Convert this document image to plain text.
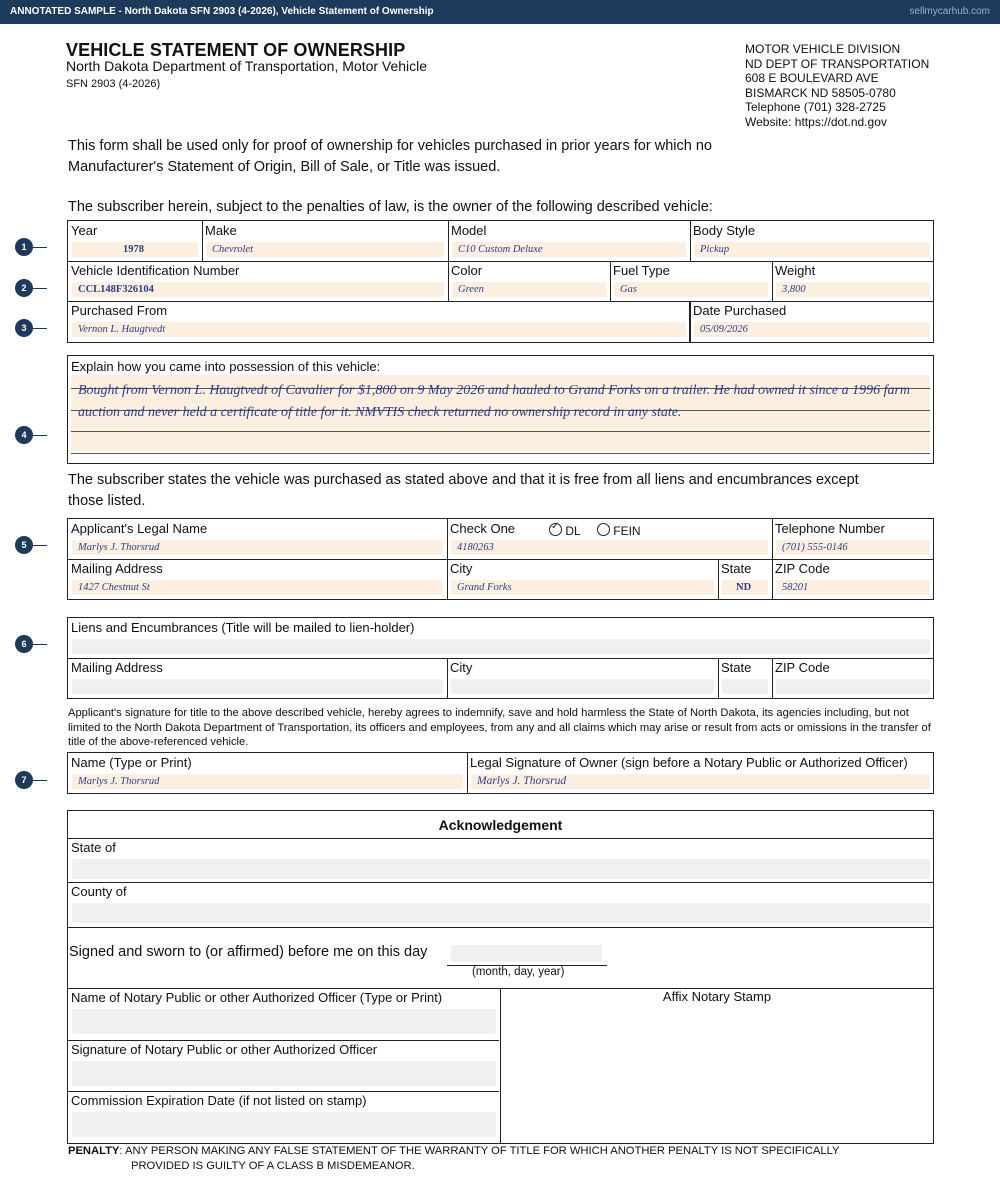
ANNOTATED SAMPLE - North Dakota SFN 2903 (4-2026), Vehicle Statement of Ownership	sellmycarhub.com
VEHICLE STATEMENT OF OWNERSHIP
North Dakota Department of Transportation, Motor Vehicle
SFN 2903 (4-2026)
MOTOR VEHICLE DIVISION
ND DEPT OF TRANSPORTATION
608 E BOULEVARD AVE
BISMARCK ND 58505-0780
Telephone (701) 328-2725
Website: https://dot.nd.gov
This form shall be used only for proof of ownership for vehicles purchased in prior years for which no
Manufacturer's Statement of Origin, Bill of Sale, or Title was issued.
The subscriber herein, subject to the penalties of law, is the owner of the following described vehicle:
1
2
3
4
5
6
7
Year
1978
Make
Chevrolet
Model
C10 Custom Deluxe
Body Style
Pickup
Vehicle Identification Number
CCL148F326104
Color
Green
Fuel Type
Gas
Weight
3,800
Purchased From
Vernon L. Haugtvedt
Date Purchased
05/09/2026
Explain how you came into possession of this vehicle:
Bought from Vernon L. Haugtvedt of Cavalier for $1,800 on 9 May 2026 and hauled to Grand Forks on a trailer. He had owned it since a 1996 farm auction and never held a certificate of title for it. NMVTIS check returned no ownership record in any state.
The subscriber states the vehicle was purchased as stated above and that it is free from all liens and encumbrances except
those listed.
Applicant's Legal Name
Marlys J. Thorsrud
Check One
✓	DL	FEIN
4180263
Telephone Number
(701) 555-0146
Mailing Address
1427 Chestnut St
City
Grand Forks
State
ND
ZIP Code
58201
Liens and Encumbrances (Title will be mailed to lien-holder)
Mailing Address	City	State ZIP Code
Applicant's signature for title to the above described vehicle, hereby agrees to indemnify, save and hold harmless the State of North Dakota, its agencies including, but not limited to the North Dakota Department of Transportation, its officers and employees, from any and all claims which may arise or result from acts or omissions in the transfer of title of the above-referenced vehicle.
Name (Type or Print)
Marlys J. Thorsrud
Legal Signature of Owner (sign before a Notary Public or Authorized Officer)
Marlys J. Thorsrud
Acknowledgement
State of
County of
Signed and sworn to (or affirmed) before me on this day
(month, day, year)
Name of Notary Public or other Authorized Officer (Type or Print)
Signature of Notary Public or other Authorized Officer
Commission Expiration Date (if not listed on stamp)
Affix Notary Stamp
PENALTY: ANY PERSON MAKING ANY FALSE STATEMENT OF THE WARRANTY OF TITLE FOR WHICH ANOTHER PENALTY IS NOT SPECIFICALLY
PROVIDED IS GUILTY OF A CLASS B MISDEMEANOR.
